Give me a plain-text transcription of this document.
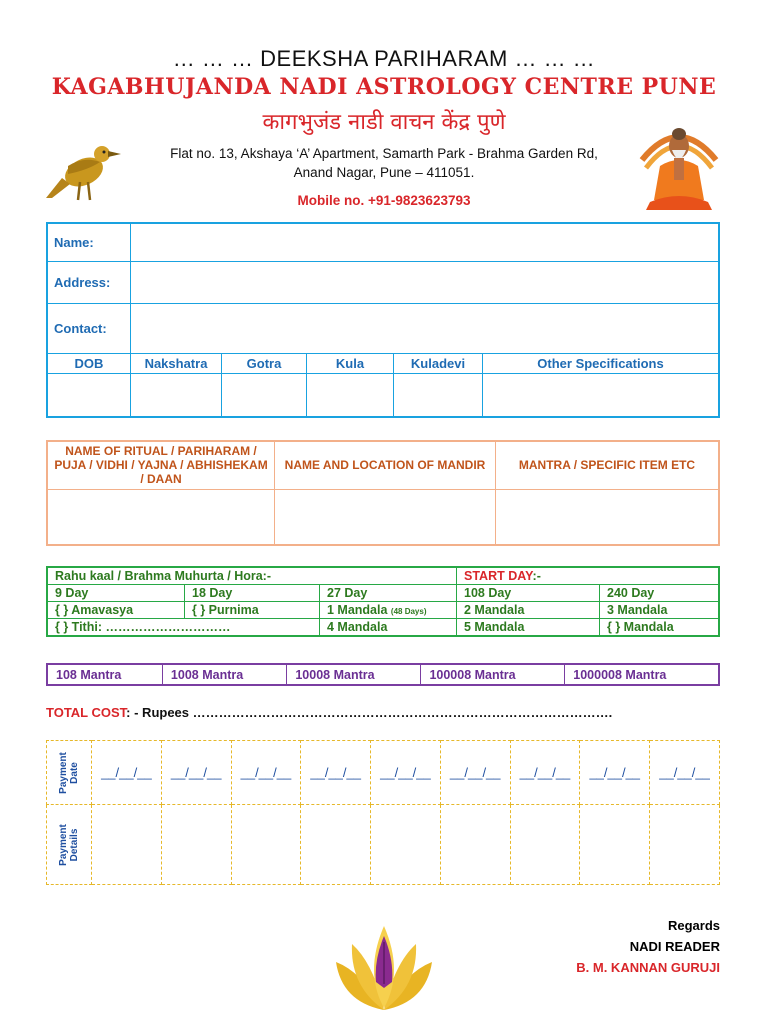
… … … DEEKSHA PARIHARAM … … …
KAGABHUJANDA NADI ASTROLOGY CENTRE PUNE
कागभुजंड नाडी वाचन केंद्र पुणे
Flat no. 13, Akshaya ‘A’ Apartment, Samarth Park - Brahma Garden Rd,
Anand Nagar, Pune – 411051.
Mobile no. +91-9823623793
Name:					
Address:					
Contact:					
DOB	Nakshatra	Gotra	Kula	Kuladevi	Other Specifications

NAME OF RITUAL / PARIHARAM / PUJA / VIDHI / YAJNA / ABHISHEKAM / DAAN	NAME AND LOCATION OF MANDIR	MANTRA / SPECIFIC ITEM ETC

Rahu kaal / Brahma Muhurta / Hora:-			START DAY:-	
9 Day	18 Day	27 Day	108 Day	240 Day
{ } Amavasya	{ } Purnima	1 Mandala (48 Days)	2 Mandala	3 Mandala
{ } Tithi: …………………………		4 Mandala	5 Mandala	{ } Mandala
108 Mantra	1008 Mantra	10008 Mantra	100008 Mantra	1000008 Mantra
TOTAL COST: - Rupees …………………………………………………………………………………….
Payment
Date	__/__/__	__/__/__	__/__/__	__/__/__	__/__/__	__/__/__	__/__/__	__/__/__	__/__/__
Payment
Details									
Regards
NADI READER
B. M. KANNAN GURUJI
